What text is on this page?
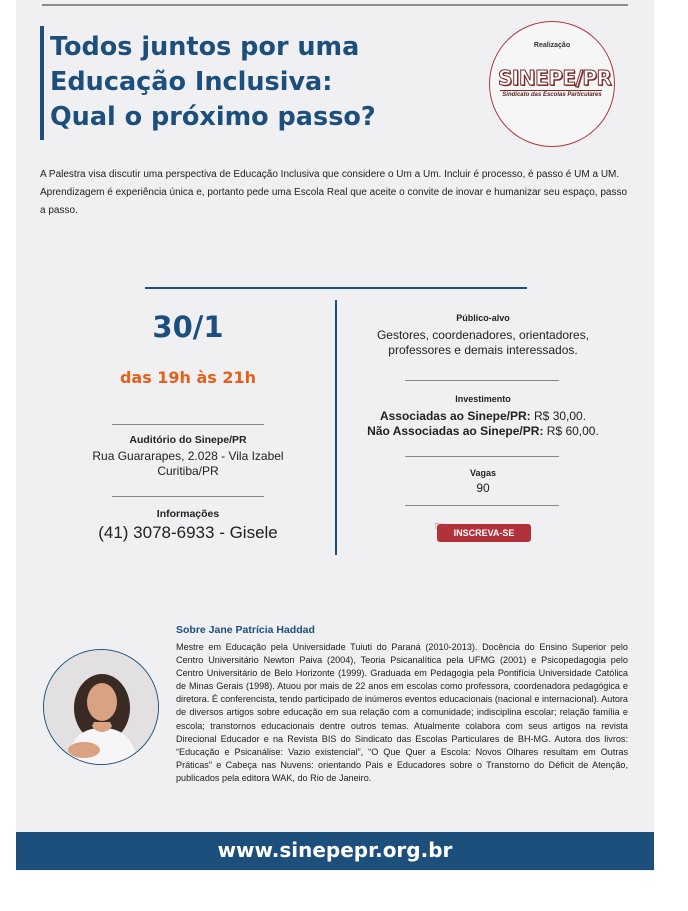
Todos juntos por uma
Educação Inclusiva:
Qual o próximo passo?
Realização
SINEPE/PR
Sindicato das Escolas Particulares

A Palestra visa discutir uma perspectiva de Educação Inclusiva que considere o Um a Um. Incluir é processo, é passo é UM a UM. Aprendizagem é experiência única e, portanto pede uma Escola Real que aceite o convite de inovar e humanizar seu espaço, passo a passo.

30/1
das 19h às 21h
Auditório do Sinepe/PR
Rua Guararapes, 2.028 - Vila Izabel
Curitiba/PR
Informações
(41) 3078-6933 - Gisele
Público-alvo
Gestores, coordenadores, orientadores,
professores e demais interessados.
Investimento
Associadas ao Sinepe/PR: R$ 30,00.
Não Associadas ao Sinepe/PR: R$ 60,00.
Vagas
90
INSCREVA-SE
☞
Sobre Jane Patrícia Haddad

Mestre em Educação pela Universidade Tuiuti do Paraná (2010-2013). Docência do Ensino Superior pelo Centro Universitário Newton Paiva (2004), Teoria Psicanalítica pela UFMG (2001) e Psicopedagogia pelo Centro Universitário de Belo Horizonte (1999). Graduada em Pedagogia pela Pontifícia Universidade Católica de Minas Gerais (1998). Atuou por mais de 22 anos em escolas como professora, coordenadora pedagógica e diretora. É conferencista, tendo participado de inúmeros eventos educacionais (nacional e internacional). Autora de diversos artigos sobre educação em sua relação com a comunidade; indisciplina escolar; relação família e escola; transtornos educacionais dentre outros temas. Atualmente colabora com seus artigos na revista Direcional Educador e na Revista BIS do Sindicato das Escolas Particulares de BH-MG. Autora dos livros: “Educação e Psicanálise: Vazio existencial”, “O Que Quer a Escola: Novos Olhares resultam em Outras Práticas” e Cabeça nas Nuvens: orientando Pais e Educadores sobre o Transtorno do Déficit de Atenção, publicados pela editora WAK, do Rio de Janeiro.

www.sinepepr.org.br
